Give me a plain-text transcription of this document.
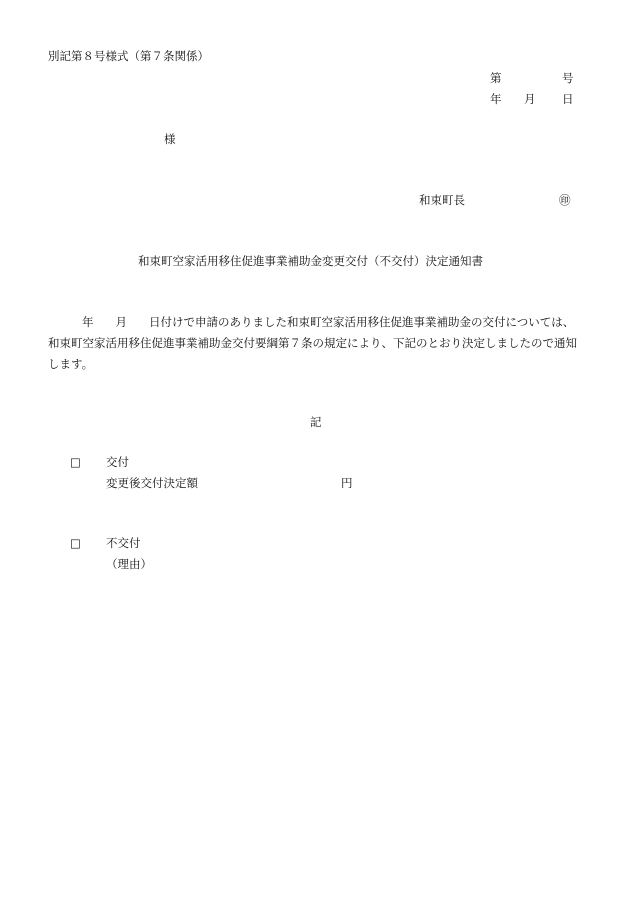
別記第８号様式（第７条関係）
第	号
年 月 日
様
和束町長	㊞
和束町空家活用移住促進事業補助金変更交付（不交付）決定通知書
年 月 日付けで申請のありました和束町空家活用移住促進事業補助金の交付については、
和束町空家活用移住促進事業補助金交付要綱第７条の規定により、下記のとおり決定しましたので通知
します。
記
□ 交付
変更後交付決定額	円
□ 不交付
（理由）
